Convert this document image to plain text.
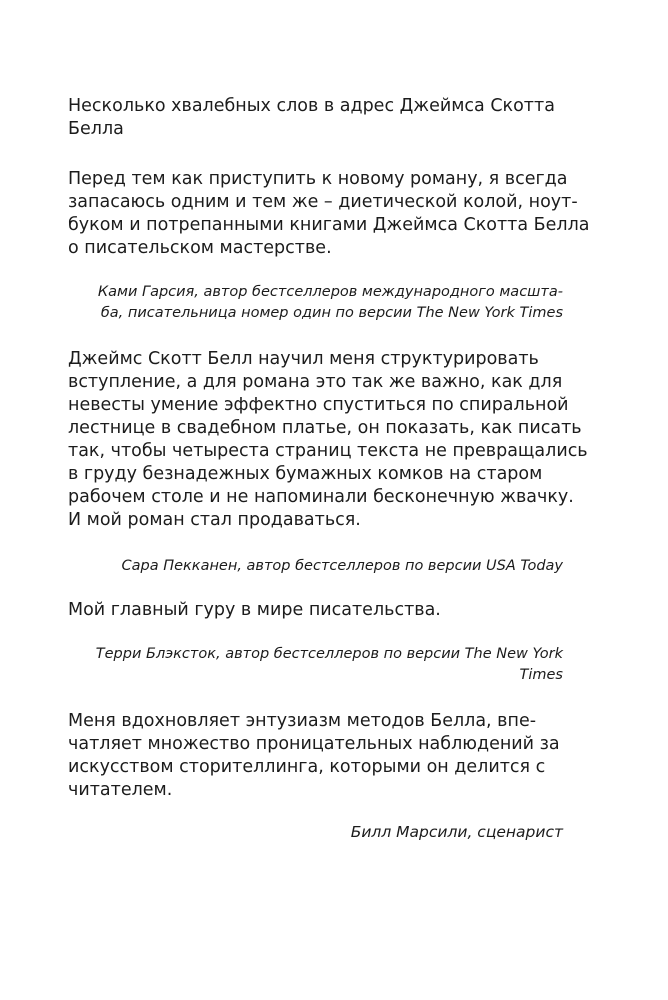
Несколько хвалебных слов в адрес Джеймса Скотта
Белла
Перед тем как приступить к новому роману, я всегда
запасаюсь одним и тем же – диетической колой, ноут-
буком и потрепанными книгами Джеймса Скотта Белла
о писательском мастерстве.
Ками Гарсия, автор бестселлеров международного масшта-
ба, писательница номер один по версии The New York Times
Джеймс Скотт Белл научил меня структурировать
вступление, а для романа это так же важно, как для
невесты умение эффектно спуститься по спиральной
лестнице в свадебном платье, он показать, как писать
так, чтобы четыреста страниц текста не превращались
в груду безнадежных бумажных комков на старом
рабочем столе и не напоминали бесконечную жвачку.
И мой роман стал продаваться.
Сара Пекканен, автор бестселлеров по версии USA Today
Мой главный гуру в мире писательства.
Терри Блэксток, автор бестселлеров по версии The New York
Times
Меня вдохновляет энтузиазм методов Белла, впе-
чатляет множество проницательных наблюдений за
искусством сторителлинга, которыми он делится с
читателем.
Билл Марсили, сценарист
